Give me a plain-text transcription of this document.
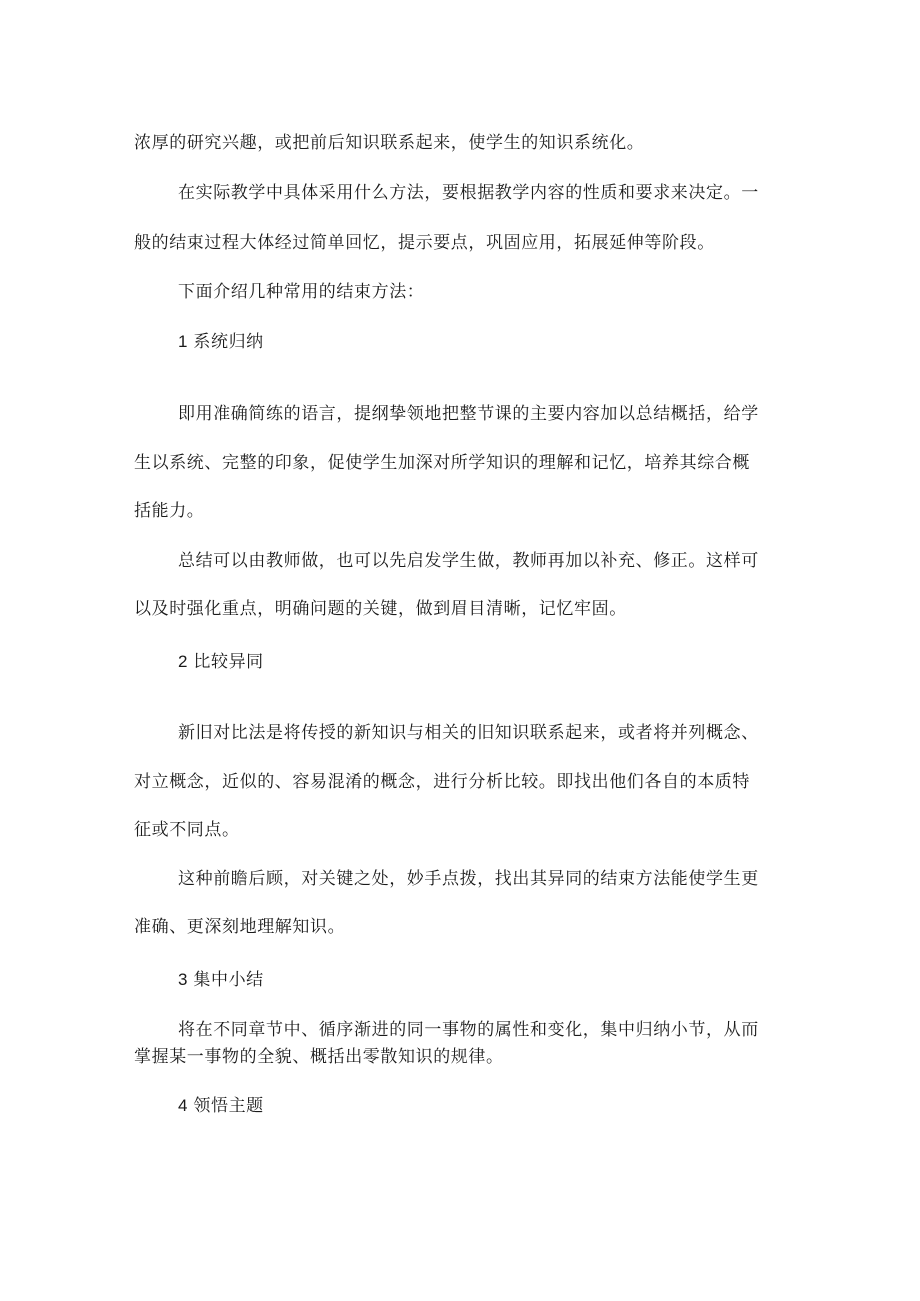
浓厚的研究兴趣，或把前后知识联系起来，使学生的知识系统化。
在实际教学中具体采用什么方法，要根据教学内容的性质和要求来决定。一
般的结束过程大体经过简单回忆，提示要点，巩固应用，拓展延伸等阶段。
下面介绍几种常用的结束方法：
1 系统归纳
即用准确简练的语言，提纲挚领地把整节课的主要内容加以总结概括，给学
生以系统、完整的印象，促使学生加深对所学知识的理解和记忆，培养其综合概
括能力。
总结可以由教师做，也可以先启发学生做，教师再加以补充、修正。这样可
以及时强化重点，明确问题的关键，做到眉目清晰，记忆牢固。
2 比较异同
新旧对比法是将传授的新知识与相关的旧知识联系起来，或者将并列概念、
对立概念，近似的、容易混淆的概念，进行分析比较。即找出他们各自的本质特
征或不同点。
这种前瞻后顾，对关键之处，妙手点拨，找出其异同的结束方法能使学生更
准确、更深刻地理解知识。
3 集中小结
将在不同章节中、循序渐进的同一事物的属性和变化，集中归纳小节，从而
掌握某一事物的全貌、概括出零散知识的规律。
4 领悟主题
